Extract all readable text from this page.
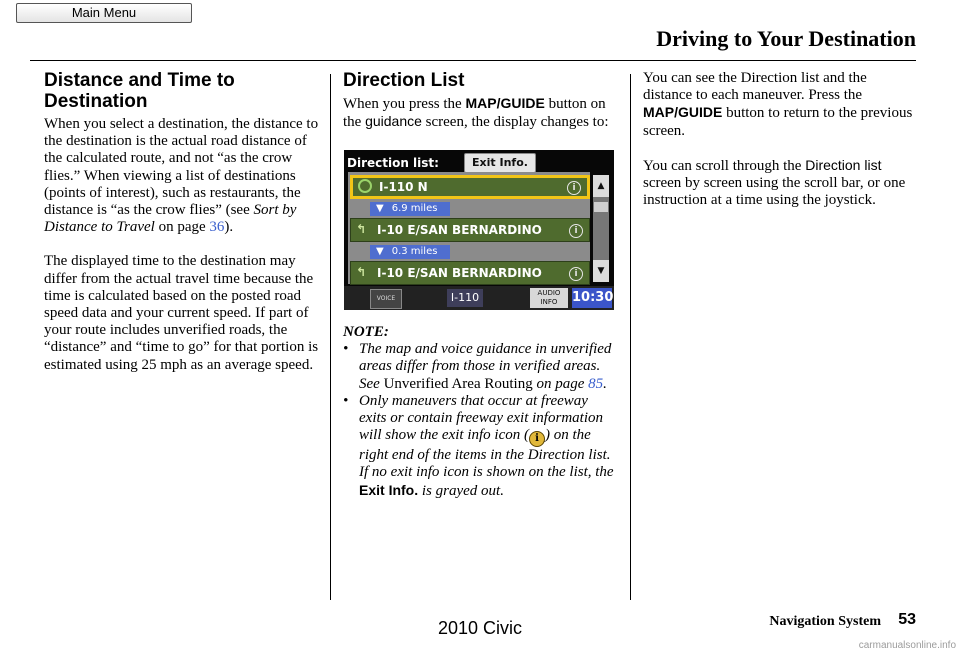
Main Menu
Driving to Your Destination
Distance and Time to Destination

When you select a destination, the distance to the destination is the actual road distance of the calculated route, and not “as the crow flies.” When viewing a list of destinations (points of interest), such as restaurants, the distance is “as the crow flies” (see Sort by Distance to Travel on page 36).

The displayed time to the destination may differ from the actual travel time because the time is calculated based on the posted road speed data and your current speed. If part of your route includes unverified roads, the “distance” and “time to go” for that portion is estimated using 25 mph as an average speed.

Direction List

When you press the MAP/GUIDE button on the guidance screen, the display changes to:

Direction list:	Exit Info.
I-110 N	i
▼ 6.9 miles
↰ I-10 E/SAN BERNARDINO	i
▼ 0.3 miles
↰ I-10 E/SAN BERNARDINO	i
▲
▼
VOICE	I-110 N
AUDIO
INFO	10:30

NOTE:

• The map and voice guidance in unverified areas differ from those in verified areas. See Unverified Area Routing on page 85.
• Only maneuvers that occur at freeway exits or contain freeway exit information will show the exit info icon ( i ) on the right end of the items in the Direction list. If no exit info icon is shown on the list, the Exit Info. is grayed out.

You can see the Direction list and the distance to each maneuver. Press the MAP/GUIDE button to return to the previous screen.

You can scroll through the Direction list screen by screen using the scroll bar, or one instruction at a time using the joystick.

Navigation System 53
2010 Civic
carmanualsonline.info
